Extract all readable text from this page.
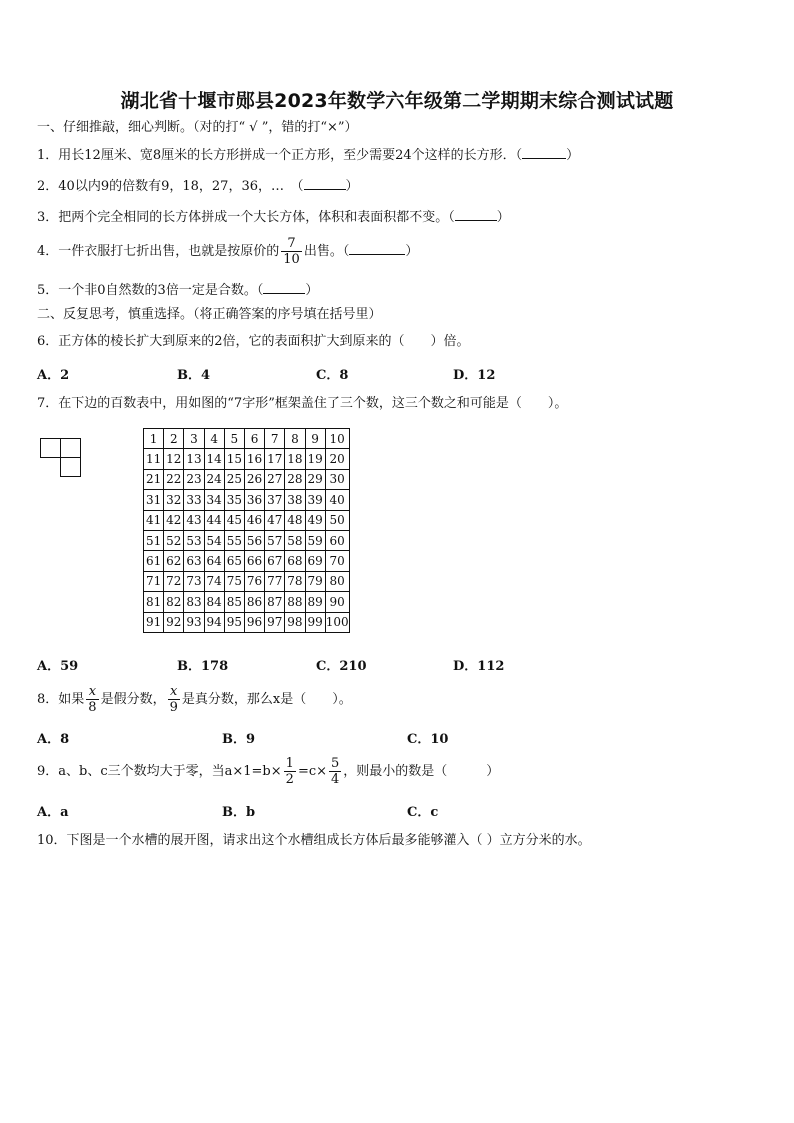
湖北省十堰市郧县2023年数学六年级第二学期期末综合测试试题
一、仔细推敲，细心判断。（对的打“ √ ”，错的打“×”）
1．用长12厘米、宽8厘米的长方形拼成一个正方形，至少需要24个这样的长方形．（	）
2．40以内9的倍数有9，18，27，36，…　（	）
3．把两个完全相同的长方体拼成一个大长方体，体积和表面积都不变。（	）
4．一件衣服打七折出售，也就是按原价的 $\frac{7}{10}$ 出售。（	）
5．一个非0自然数的3倍一定是合数。（	）
二、反复思考，慎重选择。（将正确答案的序号填在括号里）
6．正方体的棱长扩大到原来的2倍，它的表面积扩大到原来的（　　）倍。
A．2	B．4	C．8	D．12
7．在下边的百数表中，用如图的“7字形”框架盖住了三个数，这三个数之和可能是（　　）。
1	2	3	4	5	6	7	8	9	10
11	12	13	14	15	16	17	18	19	20
21	22	23	24	25	26	27	28	29	30
31	32	33	34	35	36	37	38	39	40
41	42	43	44	45	46	47	48	49	50
51	52	53	54	55	56	57	58	59	60
61	62	63	64	65	66	67	68	69	70
71	72	73	74	75	76	77	78	79	80
81	82	83	84	85	86	87	88	89	90
91	92	93	94	95	96	97	98	99	100
A．59	B．178	C．210	D．112
8．如果 $\frac{x}{8}$ 是假分数， $\frac{x}{9}$ 是真分数，那么x是（　　）。
A．8	B．9	C．10
9．a、b、c三个数均大于零，当$a\times 1=b\times \frac{1}{2} =c\times \frac{5}{4}$ ，则最小的数是（　　　）
A．a	B．b	C．c
10．下图是一个水槽的展开图，请求出这个水槽组成长方体后最多能够灌入（ ）立方分米的水。
